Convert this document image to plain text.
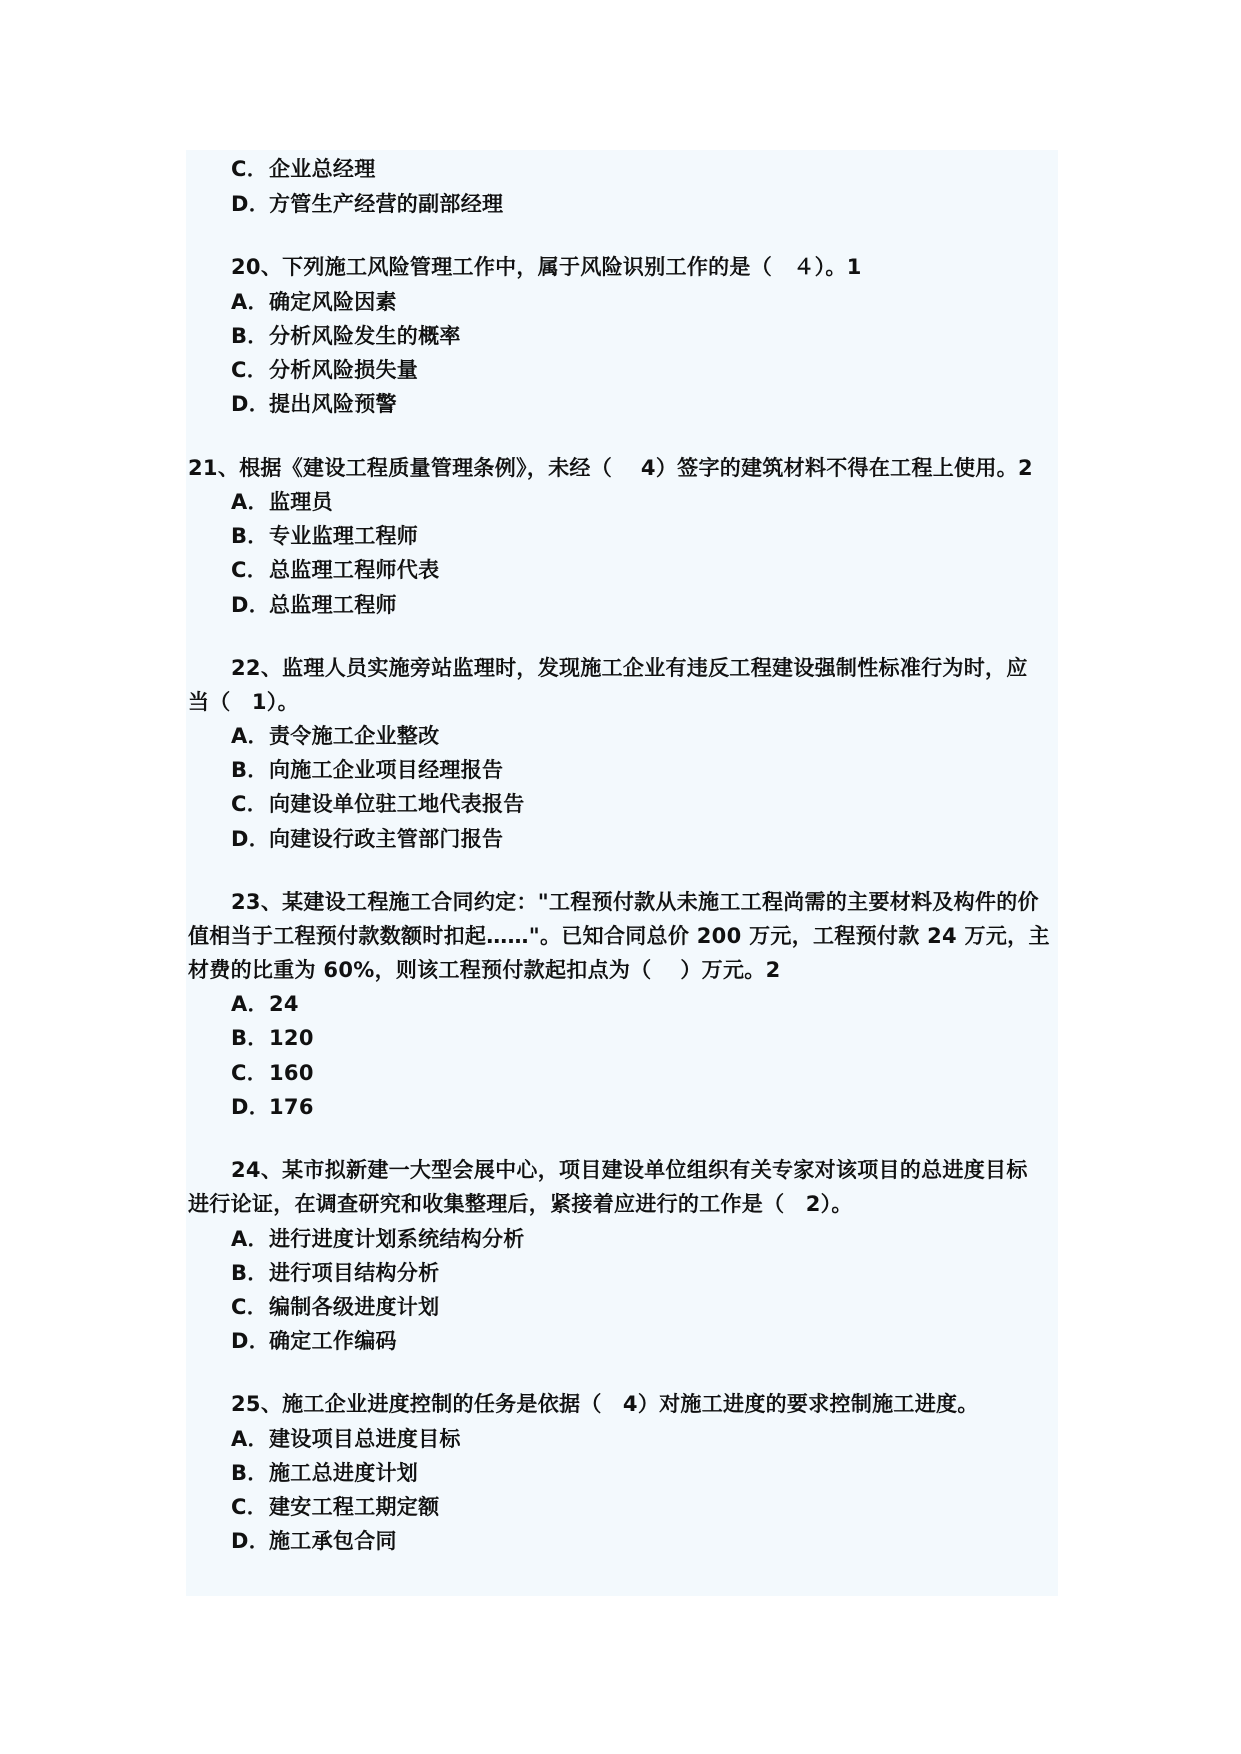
C．企业总经理
D．方管生产经营的副部经理
20、下列施工风险管理工作中，属于风险识别工作的是（　４）。1
A．确定风险因素
B．分析风险发生的概率
C．分析风险损失量
D．提出风险预警
21、根据《建设工程质量管理条例》，未经（　 4）签字的建筑材料不得在工程上使用。2
A．监理员
B．专业监理工程师
C．总监理工程师代表
D．总监理工程师
22、监理人员实施旁站监理时，发现施工企业有违反工程建设强制性标准行为时，应
当（　1）。
A．责令施工企业整改
B．向施工企业项目经理报告
C．向建设单位驻工地代表报告
D．向建设行政主管部门报告
23、某建设工程施工合同约定："工程预付款从未施工工程尚需的主要材料及构件的价
值相当于工程预付款数额时扣起……"。已知合同总价 200 万元，工程预付款 24 万元，主
材费的比重为 60%，则该工程预付款起扣点为（　 ）万元。2
A．24
B．120
C．160
D．176
24、某市拟新建一大型会展中心，项目建设单位组织有关专家对该项目的总进度目标
进行论证，在调查研究和收集整理后，紧接着应进行的工作是（　2）。
A．进行进度计划系统结构分析
B．进行项目结构分析
C．编制各级进度计划
D．确定工作编码
25、施工企业进度控制的任务是依据（　4）对施工进度的要求控制施工进度。
A．建设项目总进度目标
B．施工总进度计划
C．建安工程工期定额
D．施工承包合同
